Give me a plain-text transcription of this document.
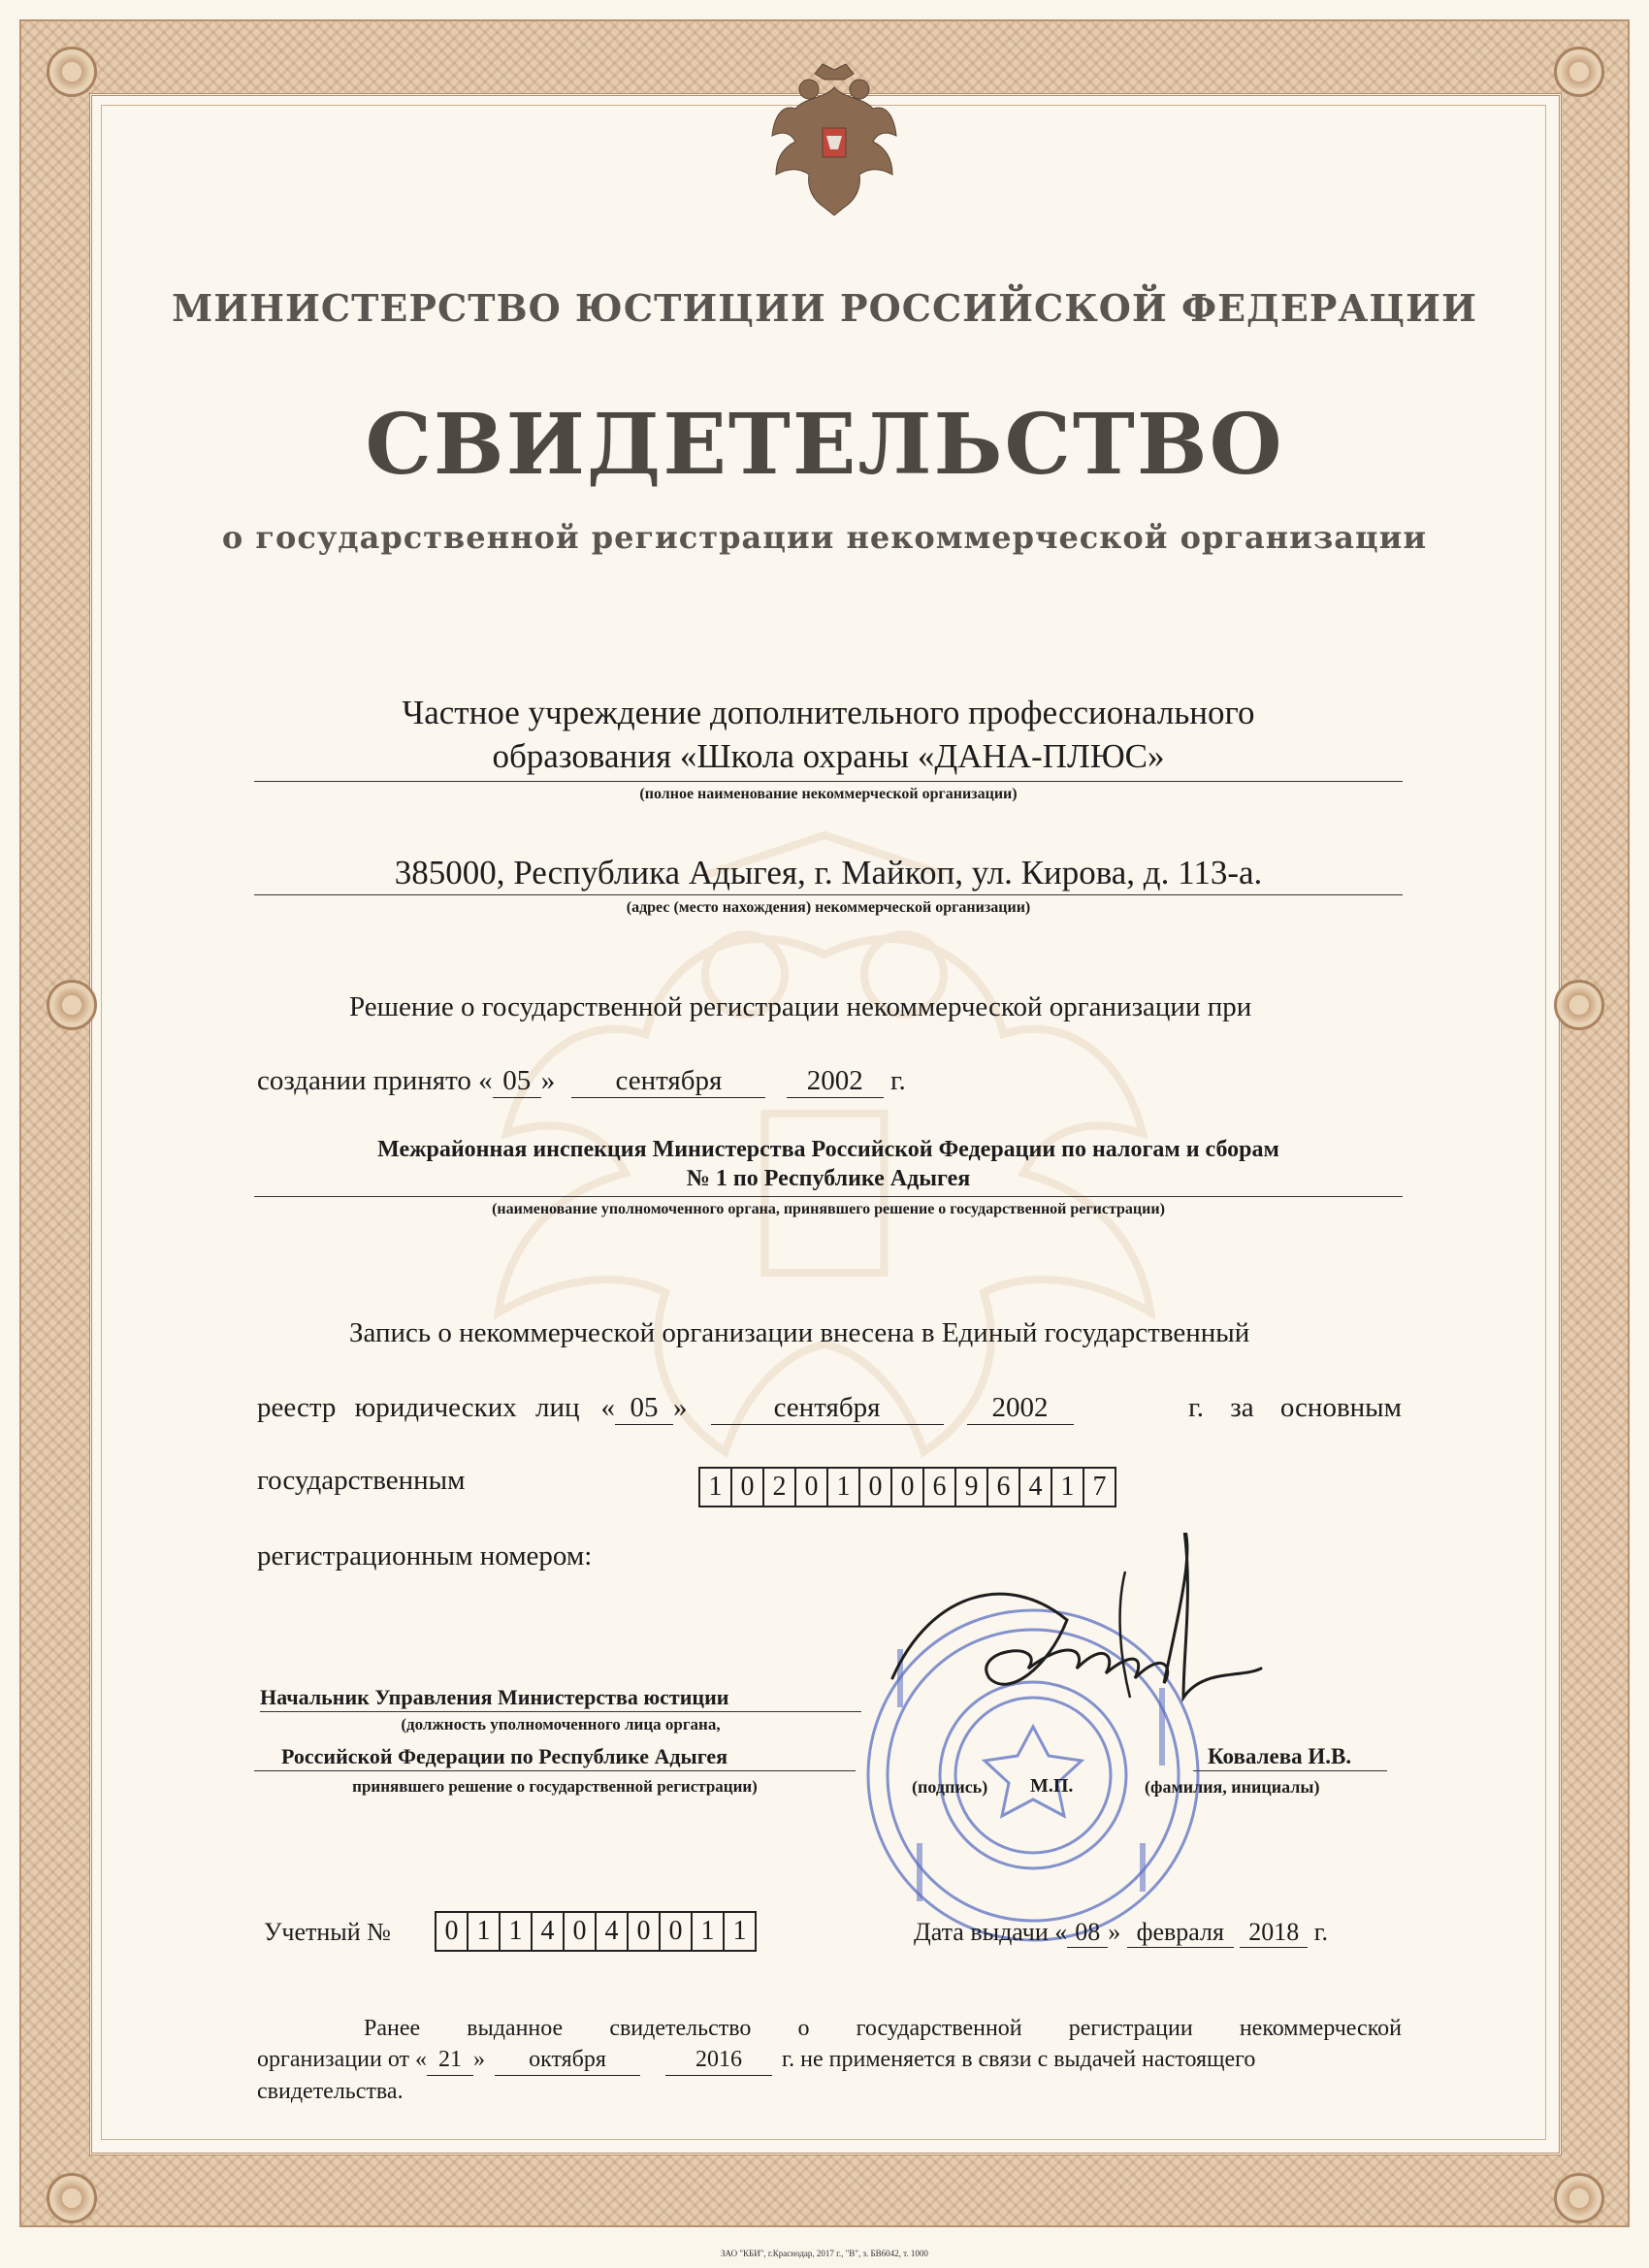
МИНИСТЕРСТВО ЮСТИЦИИ РОССИЙСКОЙ ФЕДЕРАЦИИ
СВИДЕТЕЛЬСТВО
о государственной регистрации некоммерческой организации
Частное учреждение дополнительного профессионального
образования «Школа охраны «ДАНА-ПЛЮС»
(полное наименование некоммерческой организации)
385000, Республика Адыгея, г. Майкоп, ул. Кирова, д. 113-а.
(адрес (место нахождения) некоммерческой организации)
Решение о государственной регистрации некоммерческой организации при
создании принято « 05 » сентября	2002 г.
Межрайонная инспекция Министерства Российской Федерации по налогам и сборам
№ 1 по Республике Адыгея
(наименование уполномоченного органа, принявшего решение о государственной регистрации)
Запись о некоммерческой организации внесена в Единый государственный
реестр юридических лиц « 05 »	сентября	2002	г. за основным
государственным	1 0 2 0 1 0 0 6 9 6 4 1 7
регистрационным номером:
Начальник Управления Министерства юстиции
(должность уполномоченного лица органа,
Российской Федерации по Республике Адыгея
принявшего решение о государственной регистрации)	(подпись) М.П.
Ковалева И.В.
(фамилия, инициалы)
Учетный №	0 1 1 4 0 4 0 0 1 1	Дата выдачи « 08 » февраля 2018 г.
Ранее выданное свидетельство о государственной регистрации некоммерческой
организации от « 21 »	октября	2016	г. не применяется в связи с выдачей настоящего
свидетельства.
ЗАО "КБИ", г.Краснодар, 2017 г., "В", з. БВ6042, т. 1000
